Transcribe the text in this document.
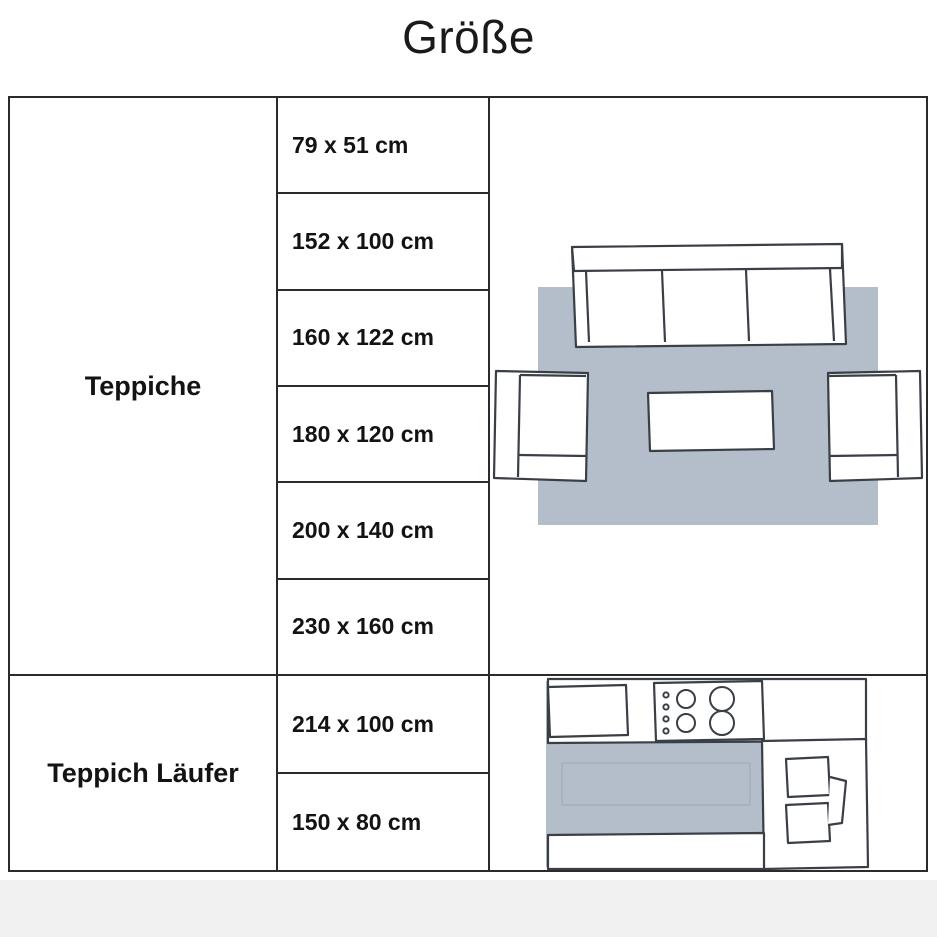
Größe
Teppiche
79 x 51 cm
152 x 100 cm
160 x 122 cm
180 x 120 cm
200 x 140 cm
230 x 160 cm
Teppich Läufer
214 x 100 cm
150 x 80 cm
